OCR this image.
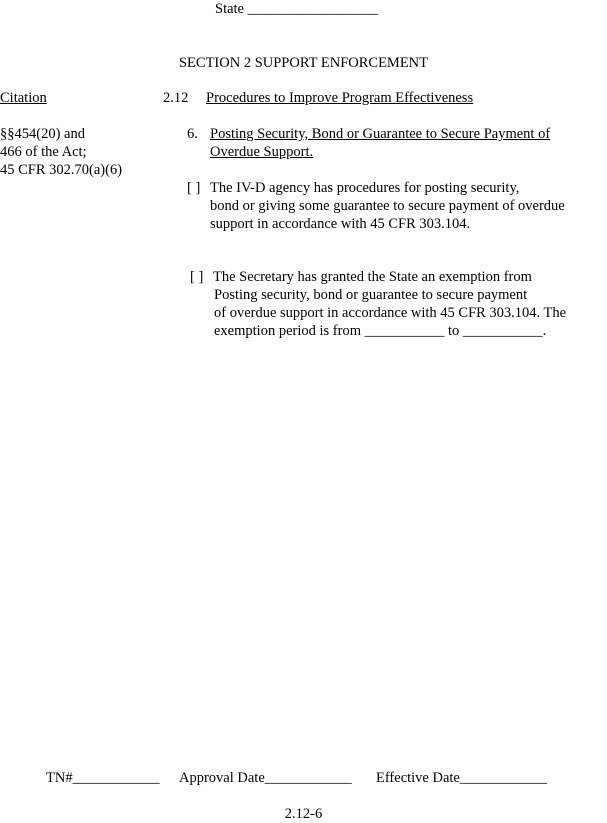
State __________________
SECTION 2 SUPPORT ENFORCEMENT
Citation	2.12 Procedures to Improve Program Effectiveness
§§454(20) and
466 of the Act;
45 CFR 302.70(a)(6)
6. Posting Security, Bond or Guarantee to Secure Payment of
Overdue Support.
[ ] The IV-D agency has procedures for posting security,
bond or giving some guarantee to secure payment of overdue
support in accordance with 45 CFR 303.104.
[ ] The Secretary has granted the State an exemption from
Posting security, bond or guarantee to secure payment
of overdue support in accordance with 45 CFR 303.104. The
exemption period is from ___________ to ___________.
TN#____________ Approval Date____________ Effective Date____________
2.12-6
